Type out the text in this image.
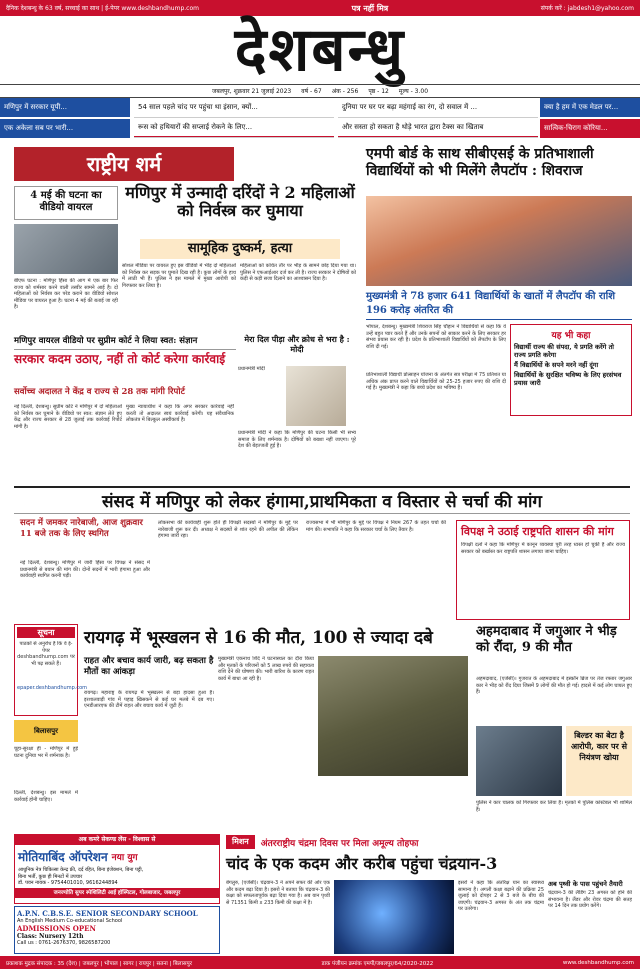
दैनिक देशबन्धु के 63 वर्ष, सच्चाई का साथ | ई-पेपर www.deshbandhump.com	पत्र नहीं मित्र	संपर्क करें : jabdesh1@yahoo.com
देशबन्धु
जबलपुर, शुक्रवार 21 जुलाई 2023 वर्ष - 67 अंक - 256 पृष्ठ - 12 मूल्य - 3.00
मणिपुर में सरकार यूपी...
एक अकेला सब पर भारी...
54 साल पहले चांद पर पहुंचा था इंसान, क्यों...
रूस को हथियारों की सप्लाई रोकने के लिए...
दुनिया पर घर पर बढ़ा महंगाई का रंग, दो सवाल में ...
और सस्ता हो सकता है थोड़े भारत द्वारा टैक्स का खिताब
क्या है हम में एक मेडल पर...
सात्विक-चिराग कोरिया...
राष्ट्रीय शर्म
4 मई की घटना का वीडियो वायरल
बीएफ घटना : मणिपुर हिंसा की आग में एक बार फिर राज्य को शर्मसार करने वाली तस्वीर सामने आई है। दो महिलाओं को निर्वस्त्र कर परेड कराने का वीडियो सोशल मीडिया पर वायरल हुआ है। घटना 4 मई की बताई जा रही है।
मणिपुर में उन्मादी दरिंदों ने 2 महिलाओं को निर्वस्त्र कर घुमाया
सामूहिक दुष्कर्म, हत्या
सोशल मीडिया पर वायरल हुए इस वीडियो में भीड़ दो महिलाओं को निर्वस्त्र कर सड़क पर घुमाते दिख रही है। कुछ लोगों के हाथ में लाठी भी हैं। पुलिस ने इस मामले में मुख्य आरोपी को गिरफ्तार कर लिया है।
महिलाओं को कथित तौर पर भीड़ के सामने छोड़ दिया गया था। पुलिस ने एफआईआर दर्ज कर ली है। राज्य सरकार ने दोषियों को कड़ी से कड़ी सजा दिलाने का आश्वासन दिया है।
मणिपुर वायरल वीडियो पर सुप्रीम कोर्ट ने लिया स्वत: संज्ञान	मेरा दिल पीड़ा और क्रोध से भरा है : मोदी
सरकार कदम उठाए, नहीं तो कोर्ट करेगा कार्रवाई
सर्वोच्च अदालत ने केंद्र व राज्य से 28 तक मांगी रिपोर्ट
नई दिल्ली, देशबन्धु। सुप्रीम कोर्ट ने मणिपुर में दो महिलाओं को निर्वस्त्र कर घुमाने के वीडियो पर स्वत: संज्ञान लेते हुए केंद्र और राज्य सरकार से 28 जुलाई तक कार्रवाई रिपोर्ट मांगी है।
मुख्य न्यायाधीश ने कहा कि अगर सरकार कार्रवाई नहीं करती तो अदालत स्वयं कार्रवाई करेगी। यह संवैधानिक लोकतंत्र में बिल्कुल अस्वीकार्य है।
प्रधानमंत्री मोदी
प्रधानमंत्री मोदी ने कहा कि मणिपुर की घटना किसी भी सभ्य समाज के लिए शर्मनाक है। दोषियों को बख्शा नहीं जाएगा। पूरे देश की बेइज्जती हुई है।
एमपी बोर्ड के साथ सीबीएसई के प्रतिभाशाली विद्यार्थियों को भी मिलेंगे लैपटॉप : शिवराज
मुख्यमंत्री ने 78 हजार 641 विद्यार्थियों के खातों में लैपटॉप की राशि 196 करोड़ अंतरित की
भोपाल, देशबन्धु। मुख्यमंत्री शिवराज सिंह चौहान ने विद्यार्थियों से कहा कि वे उन्हें बहुत प्यार करते हैं और उनके सपनों को साकार करने के लिए सरकार हर संभव प्रयास कर रही है। प्रदेश के प्रतिभाशाली विद्यार्थियों को लैपटॉप के लिए राशि दी गई।
प्रतिभाशाली विद्यार्थी प्रोत्साहन योजना के अंतर्गत सत्र परीक्षा में 75 प्रतिशत या अधिक अंक प्राप्त करने वाले विद्यार्थियों को 25-25 हजार रुपए की राशि दी गई है। मुख्यमंत्री ने कहा कि बच्चे प्रदेश का भविष्य हैं।
यह भी कहा
विद्यार्थी राज्य की संपदा, ये प्रगति करेंगे तो राज्य प्रगति करेगा
मैं विद्यार्थियों के सपने मरने नहीं दूंगा
विद्यार्थियों के सुरक्षित भविष्य के लिए हरसंभव प्रयास जारी
संसद में मणिपुर को लेकर हंगामा,प्राथमिकता व विस्तार से चर्चा की मांग
सदन में जमकर नारेबाजी, आज शुक्रवार 11 बजे तक के लिए स्थगित
नई दिल्ली, देशबन्धु। मणिपुर में जारी हिंसा पर विपक्ष ने संसद में प्रधानमंत्री से बयान की मांग की। दोनों सदनों में भारी हंगामा हुआ और कार्यवाही स्थगित करनी पड़ी।
लोकसभा की कार्यवाही शुरू होते ही विपक्षी सदस्यों ने मणिपुर के मुद्दे पर नारेबाजी शुरू कर दी। अध्यक्ष ने सदस्यों से शांत रहने की अपील की लेकिन हंगामा जारी रहा।
राज्यसभा में भी मणिपुर के मुद्दे पर विपक्ष ने नियम 267 के तहत चर्चा की मांग की। सभापति ने कहा कि सरकार चर्चा के लिए तैयार है।	विपक्ष ने उठाई राष्ट्रपति शासन की मांग
विपक्षी दलों ने कहा कि मणिपुर में कानून व्यवस्था पूरी तरह ध्वस्त हो चुकी है और राज्य सरकार को बर्खास्त कर राष्ट्रपति शासन लगाया जाना चाहिए।
सूचना
पाठकों से अनुरोध है कि वे ई-पेपर deshbandhump.com पर भी पढ़ सकते हैं।
epaper.deshbandhump.com
बिलासपुर
चूहा-सुरक्षा ही - मणिपुर में हुई घटना दुनिया भर में शर्मनाक है।
दिल्ली, देशबन्धु। इस मामले में कार्रवाई होनी चाहिए।
रायगढ़ में भूस्खलन से 16 की मौत, 100 से ज्यादा दबे
राहत और बचाव कार्य जारी, बढ़ सकता है मौतों का आंकड़ा
रायगढ़। महाराष्ट्र के रायगढ़ में भूस्खलन से बड़ा हादसा हुआ है। इरशालवाड़ी गांव में पहाड़ खिसकने से कई घर मलबे में दब गए। एनडीआरएफ की टीमें राहत और बचाव कार्य में जुटी हैं।
मुख्यमंत्री एकनाथ शिंदे ने घटनास्थल का दौरा किया और मृतकों के परिजनों को 5 लाख रुपये की सहायता राशि देने की घोषणा की। भारी बारिश के कारण राहत कार्य में बाधा आ रही है।
अहमदाबाद में जगुआर ने भीड़ को रौंदा, 9 की मौत
अहमदाबाद, (एजेंसी)। गुजरात के अहमदाबाद में इस्कॉन ब्रिज पर तेज रफ्तार जगुआर कार ने भीड़ को रौंद दिया जिसमें 9 लोगों की मौत हो गई। हादसे में कई लोग घायल हुए हैं।
बिल्डर का बेटा है आरोपी, कार पर से नियंत्रण खोया
पुलिस ने कार चालक को गिरफ्तार कर लिया है। मृतकों में पुलिस कांस्टेबल भी शामिल हैं।
अब कमरे सेकण्ड लेंस - विश्वास से
मोतियाबिंद ऑपरेशन नया युग
आधुनिक नेत्र चिकित्सा केन्द्र फ्री, दर्द रहित, बिना इंजेक्शन, बिना पट्टी,
बिना भर्ती, कुछ ही मिनटों में उपचार
डॉ. पवन नायक - 9754401010, 9616244894
जनज्योति सुपर स्पेशिलिटी आई हॉस्पिटल, गोलबाजार, जबलपुर
A.P.N. C.B.S.E. SENIOR SECONDARY SCHOOL
An English Medium Co-educational School
ADMISSIONS OPEN
Class: Nursery 12th
Call us : 0761-2676370, 9826587200
मिशन	अंतरराष्ट्रीय चंद्रमा दिवस पर मिला अमूल्य तोहफा
चांद के एक कदम और करीब पहुंचा चंद्रयान-3
बेंगलुरु, (एजेंसी)। चंद्रयान-3 ने अपने सफर की ओर एक और कदम बढ़ा दिया है। इसरो ने बताया कि चंद्रयान-3 की कक्षा को सफलतापूर्वक बढ़ा दिया गया है। अब यान पृथ्वी से 71351 किमी x 233 किमी की कक्षा में है।
इसरो ने कहा कि अंतरिक्ष यान का स्वास्थ्य सामान्य है। अगली कक्षा बढ़ाने की प्रक्रिया 25 जुलाई को दोपहर 2 से 3 बजे के बीच की जाएगी। चंद्रयान-3 अगस्त के अंत तक चंद्रमा पर उतरेगा।
अब पृथ्वी के पास पहुंचने तैयारी
चंद्रयान-3 की लैंडिंग 23 अगस्त को होने की संभावना है। लैंडर और रोवर चंद्रमा की सतह पर 14 दिन तक प्रयोग करेंगे।
प्रकाशक मुद्रक संपादक : 35 (देश) | जबलपुर | भोपाल | सागर | रायपुर | सतना | बिलासपुर	डाक पंजीयन क्रमांक एमपी/जबलपुर/64/2020-2022	www.deshbandhump.com
